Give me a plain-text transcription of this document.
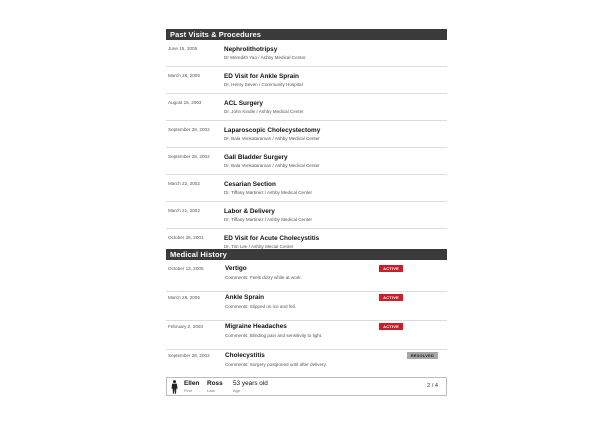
Past Visits & Procedures
June 15, 2005	Nephrolithotripsy
Dr Meredith Yao / Ashby Medical Center
March 28, 2005	ED Visit for Ankle Sprain
Dr. Henry Seven / Community Hospital
August 15, 2003	ACL Surgery
Dr. John Kindle / Ashby Medical Center
September 28, 2002 Laparoscopic Cholecystectomy
Dr. Bala Venkataraman / Ashby Medical Center
September 28, 2002 Gall Bladder Surgery
Dr. Bala Venkataraman / Ashby Medical Center
March 22, 2002	Cesarian Section
Dr. Tiffany Martinez / Ashby Medical Center
March 21, 2002	Labor & Delivery
Dr. Tiffany Martinez / Ashby Medical Center
October 28, 2001	ED Visit for Acute Cholecystitis
Dr. Tim Lee / Ashby Mecial Center
Medical History
October 13, 2005	Vertigo
Comments: Feels dizzy while at work.
ACTIVE
March 28, 2005	Ankle Sprain
Comments: Slipped on ice and fell.
ACTIVE
February 2, 2003	Migraine Headaches
Comments: Blinding pain and sensitivity to light.
ACTIVE
September 28, 2002 Cholecystitis
Comments: Surgery postponed until after delivery.
RESOLVED
Ellen
First
Ross
Last
53 years old
Age
2 / 4
